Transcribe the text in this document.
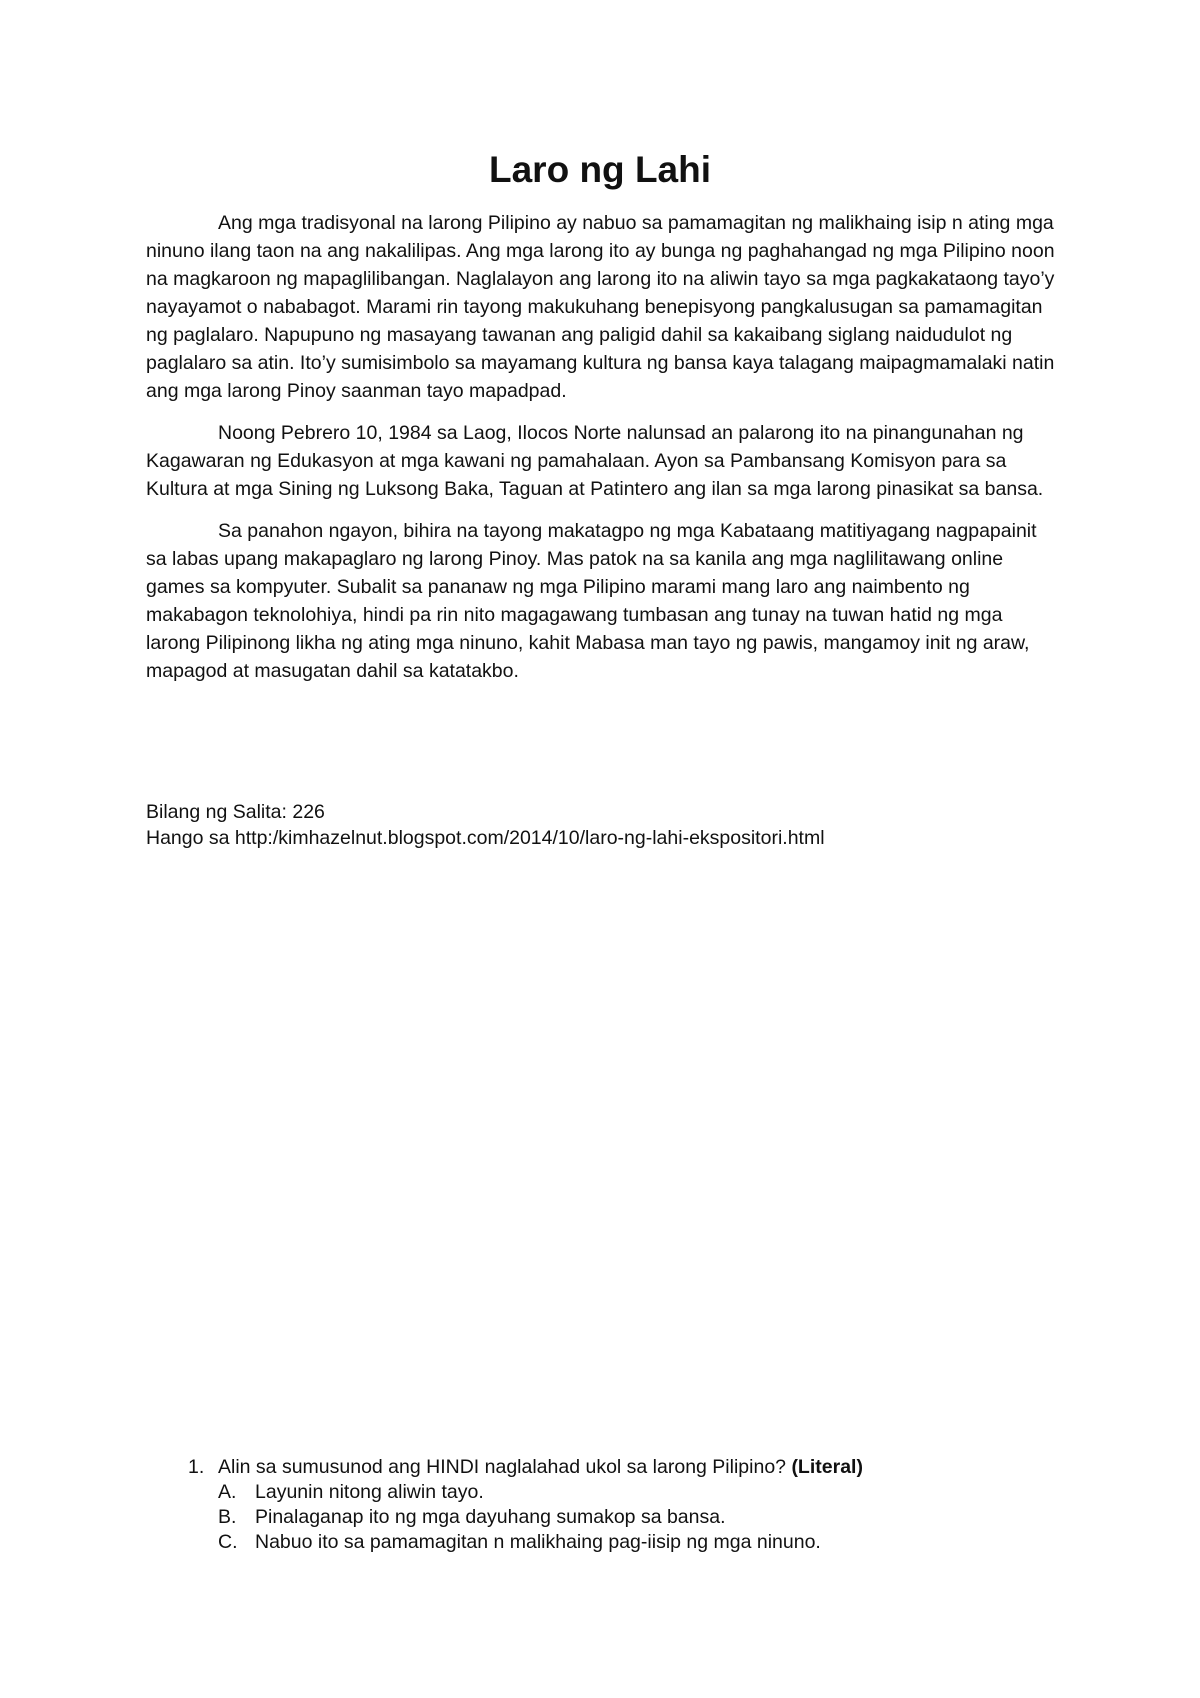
Laro ng Lahi

Ang mga tradisyonal na larong Pilipino ay nabuo sa pamamagitan ng malikhaing isip n ating mga ninuno ilang taon na ang nakalilipas. Ang mga larong ito ay bunga ng paghahangad ng mga Pilipino noon na magkaroon ng mapaglilibangan. Naglalayon ang larong ito na aliwin tayo sa mga pagkakataong tayo’y nayayamot o nababagot. Marami rin tayong makukuhang benepisyong pangkalusugan sa pamamagitan ng paglalaro. Napupuno ng masayang tawanan ang paligid dahil sa kakaibang siglang naidudulot ng paglalaro sa atin. Ito’y sumisimbolo sa mayamang kultura ng bansa kaya talagang maipagmamalaki natin ang mga larong Pinoy saanman tayo mapadpad.

Noong Pebrero 10, 1984 sa Laog, Ilocos Norte nalunsad an palarong ito na pinangunahan ng Kagawaran ng Edukasyon at mga kawani ng pamahalaan. Ayon sa Pambansang Komisyon para sa Kultura at mga Sining ng Luksong Baka, Taguan at Patintero ang ilan sa mga larong pinasikat sa bansa.

Sa panahon ngayon, bihira na tayong makatagpo ng mga Kabataang matitiyagang nagpapainit sa labas upang makapaglaro ng larong Pinoy. Mas patok na sa kanila ang mga naglilitawang online games sa kompyuter. Subalit sa pananaw ng mga Pilipino marami mang laro ang naimbento ng makabagon teknolohiya, hindi pa rin nito magagawang tumbasan ang tunay na tuwan hatid ng mga larong Pilipinong likha ng ating mga ninuno, kahit Mabasa man tayo ng pawis, mangamoy init ng araw, mapagod at masugatan dahil sa katatakbo.

Bilang ng Salita: 226
Hango sa http:/kimhazelnut.blogspot.com/2014/10/laro-ng-lahi-ekspositori.html
1. Alin sa sumusunod ang HINDI naglalahad ukol sa larong Pilipino? (Literal)
A. Layunin nitong aliwin tayo.
B. Pinalaganap ito ng mga dayuhang sumakop sa bansa.
C. Nabuo ito sa pamamagitan n malikhaing pag-iisip ng mga ninuno.
